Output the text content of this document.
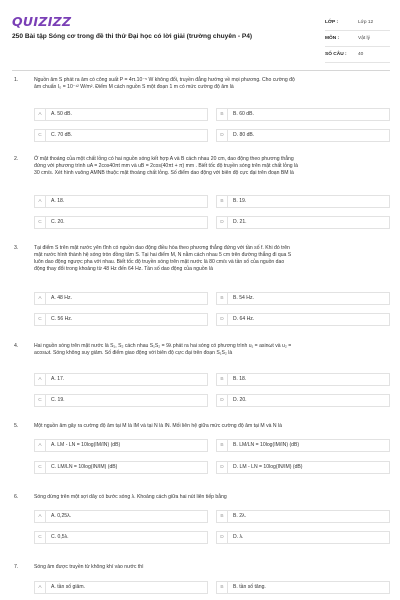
QUIZIZZ
250 Bài tập Sóng cơ trong đề thi thử Đại học có lời giải (trường chuyên - P4)
LỚP :	Lớp 12
MÔN :	Vật lý
SỐ CÂU :	40
1.	Nguồn âm S phát ra âm có công suất P = 4π.10⁻⁵ W không đổi, truyền đẳng hướng về mọi phương. Cho cường độ
âm chuẩn I₀ = 10⁻¹² W/m². Điểm M cách nguồn S một đoạn 1 m có mức cường độ âm là
A	A. 50 dB.	B	B. 60 dB.
C	C. 70 dB.	D	D. 80 dB.
2.	Ở mặt thoáng của một chất lỏng có hai nguồn sóng kết hợp A và B cách nhau 20 cm, dao động theo phương thẳng
đứng với phương trình uA = 2cos40πt mm và uB = 2cos(40πt + π) mm . Biết tốc độ truyền sóng trên mặt chất lỏng là
30 cm/s. Xét hình vuông AMNB thuộc mặt thoáng chất lỏng. Số điểm dao động với biên độ cực đại trên đoạn BM là
A	A. 18.	B	B. 19.
C	C. 20.	D	D. 21.
3.	Tại điểm S trên mặt nước yên tĩnh có nguồn dao động điều hòa theo phương thẳng đứng với tần số f. Khi đó trên
mặt nước hình thành hệ sóng tròn đồng tâm S. Tại hai điểm M, N nằm cách nhau 5 cm trên đường thẳng đi qua S
luôn dao động ngược pha với nhau. Biết tốc độ truyền sóng trên mặt nước là 80 cm/s và tần số của nguồn dao
động thay đổi trong khoảng từ 48 Hz đến 64 Hz. Tần số dao động của nguồn là
A	A. 48 Hz.	B	B. 54 Hz.
C	C. 56 Hz.	D	D. 64 Hz.
4.	Hai nguồn sóng trên mặt nước là S₁, S₂ cách nhau S₁S₂ = 9λ phát ra hai sóng có phương trình u₁ = asinωt và u₂ =
acosωt. Sóng không suy giảm. Số điểm giao động với biên độ cực đại trên đoạn S₁S₂ là
A	A. 17.	B	B. 18.
C	C. 19.	D	D. 20.
5.	Một nguồn âm gây ra cường độ âm tại M là IM và tại N là IN. Mối liên hệ giữa mức cường độ âm tại M và N là
A	A. LM - LN = 10log(IM/IN) (dB)	B	B. LM/LN = 10log(IM/IN) (dB)
C	C. LM/LN = 10log(IN/IM) (dB)	D	D. LM - LN = 10log(IN/IM) (dB)
6.	Sóng dừng trên một sợi dây có bước sóng λ. Khoảng cách giữa hai nút liên tiếp bằng
A	A. 0,25λ.	B	B. 2λ.
C	C. 0,5λ.	D	D. λ.
7.	Sóng âm được truyền từ không khí vào nước thì
A	A. tần số giảm.	B	B. tần số tăng.
